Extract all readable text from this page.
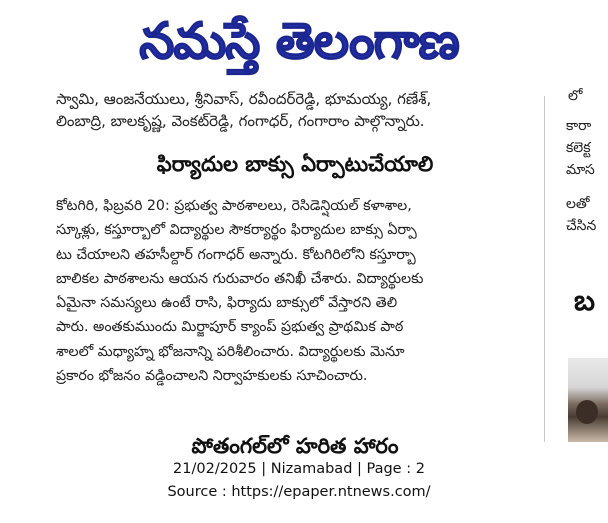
నమస్తే తెలంగాణ
స్వామి, ఆంజనేయులు, శ్రీనివాస్, రవీందర్‌రెడ్డి, భూమయ్య, గణేశ్,
లింబాద్రి, బాలకృష్ణ, వెంకట్‌రెడ్డి, గంగాధర్, గంగారాం పాల్గొన్నారు.
ఫిర్యాదుల బాక్సు ఏర్పాటుచేయాలి
కోటగిరి, ఫిబ్రవరి 20: ప్రభుత్వ పాఠశాలలు, రెసిడెన్షియల్ కళాశాల,
స్కూళ్లు, కస్తూర్బాలో విద్యార్థుల సౌకర్యార్థం ఫిర్యాదుల బాక్సు ఏర్పా
టు చేయాలని తహసీల్దార్ గంగాధర్ అన్నారు. కోటగిరిలోని కస్తూర్బా
బాలికల పాఠశాలను ఆయన గురువారం తనిఖీ చేశారు. విద్యార్థులకు
ఏమైనా సమస్యలు ఉంటే రాసి, ఫిర్యాదు బాక్సులో వేస్తారని తెలి
పారు. అంతకుముందు మిర్జాపూర్ క్యాంప్ ప్రభుత్వ ప్రాథమిక పాఠ
శాలలో మధ్యాహ్న భోజనాన్ని పరిశీలించారు. విద్యార్థులకు మెనూ
ప్రకారం భోజనం వడ్డించాలని నిర్వాహకులకు సూచించారు.
పోతంగల్‌లో హరిత హారం
లో
కారా
కలెక్ట
మాస
లతో
చేసిన
బ
21/02/2025 | Nizamabad | Page : 2
Source : https://epaper.ntnews.com/
